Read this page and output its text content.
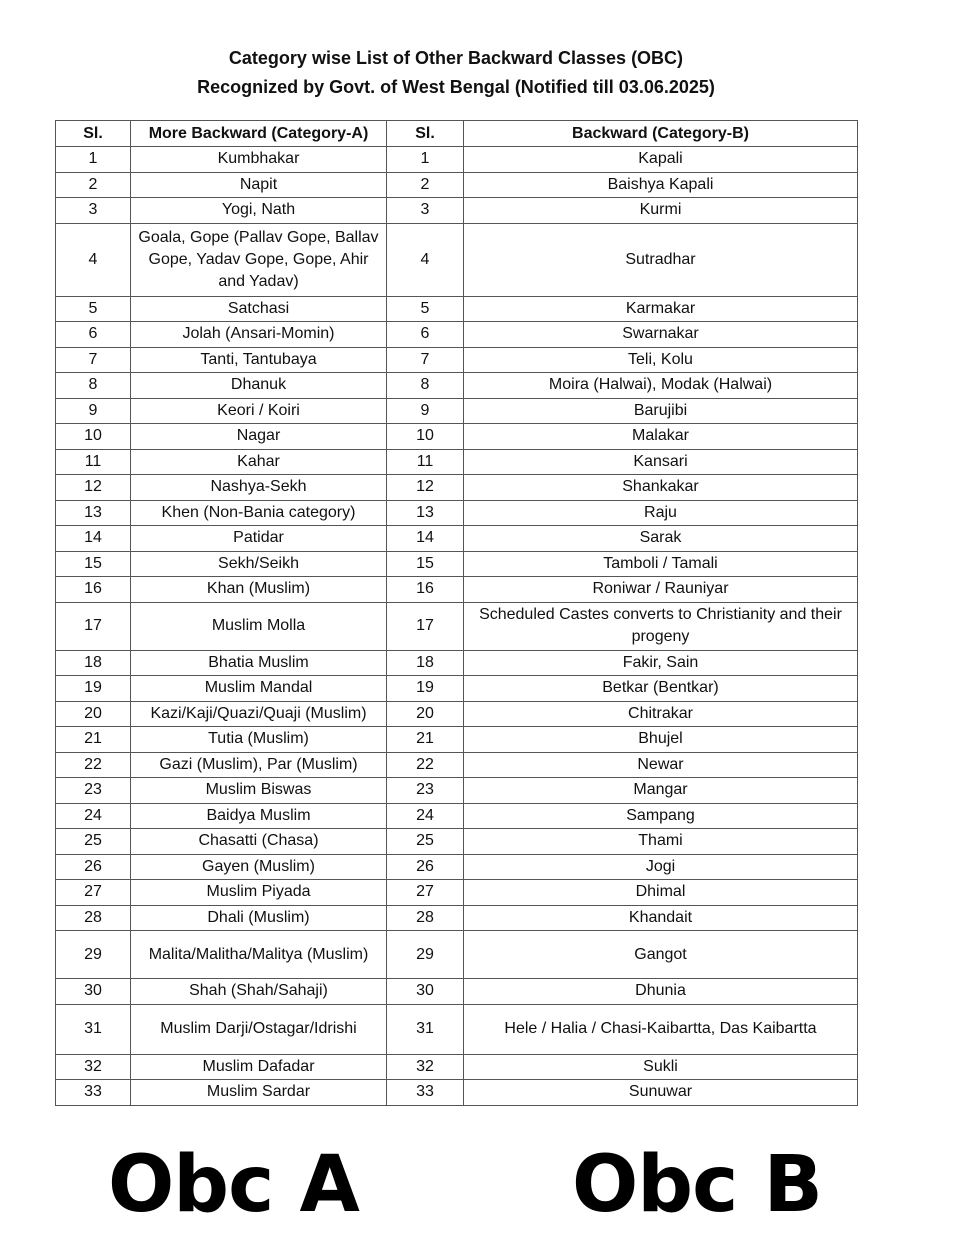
Category wise List of Other Backward Classes (OBC)
Recognized by Govt. of West Bengal (Notified till 03.06.2025)
Sl.	More Backward (Category-A)	Sl.	Backward (Category-B)
1	Kumbhakar	1	Kapali
2	Napit	2	Baishya Kapali
3	Yogi, Nath	3	Kurmi
4	Goala, Gope (Pallav Gope, Ballav Gope, Yadav Gope, Gope, Ahir and Yadav)	4	Sutradhar
5	Satchasi	5	Karmakar
6	Jolah (Ansari-Momin)	6	Swarnakar
7	Tanti, Tantubaya	7	Teli, Kolu
8	Dhanuk	8	Moira (Halwai), Modak (Halwai)
9	Keori / Koiri	9	Barujibi
10	Nagar	10	Malakar
11	Kahar	11	Kansari
12	Nashya-Sekh	12	Shankakar
13	Khen (Non-Bania category)	13	Raju
14	Patidar	14	Sarak
15	Sekh/Seikh	15	Tamboli / Tamali
16	Khan (Muslim)	16	Roniwar / Rauniyar
17	Muslim Molla	17	Scheduled Castes converts to Christianity and their progeny
18	Bhatia Muslim	18	Fakir, Sain
19	Muslim Mandal	19	Betkar (Bentkar)
20	Kazi/Kaji/Quazi/Quaji (Muslim)	20	Chitrakar
21	Tutia (Muslim)	21	Bhujel
22	Gazi (Muslim), Par (Muslim)	22	Newar
23	Muslim Biswas	23	Mangar
24	Baidya Muslim	24	Sampang
25	Chasatti (Chasa)	25	Thami
26	Gayen (Muslim)	26	Jogi
27	Muslim Piyada	27	Dhimal
28	Dhali (Muslim)	28	Khandait
29	Malita/Malitha/Malitya (Muslim)	29	Gangot
30	Shah (Shah/Sahaji)	30	Dhunia
31	Muslim Darji/Ostagar/Idrishi	31	Hele / Halia / Chasi-Kaibartta, Das Kaibartta
32	Muslim Dafadar	32	Sukli
33	Muslim Sardar	33	Sunuwar
Obc A	Obc B
